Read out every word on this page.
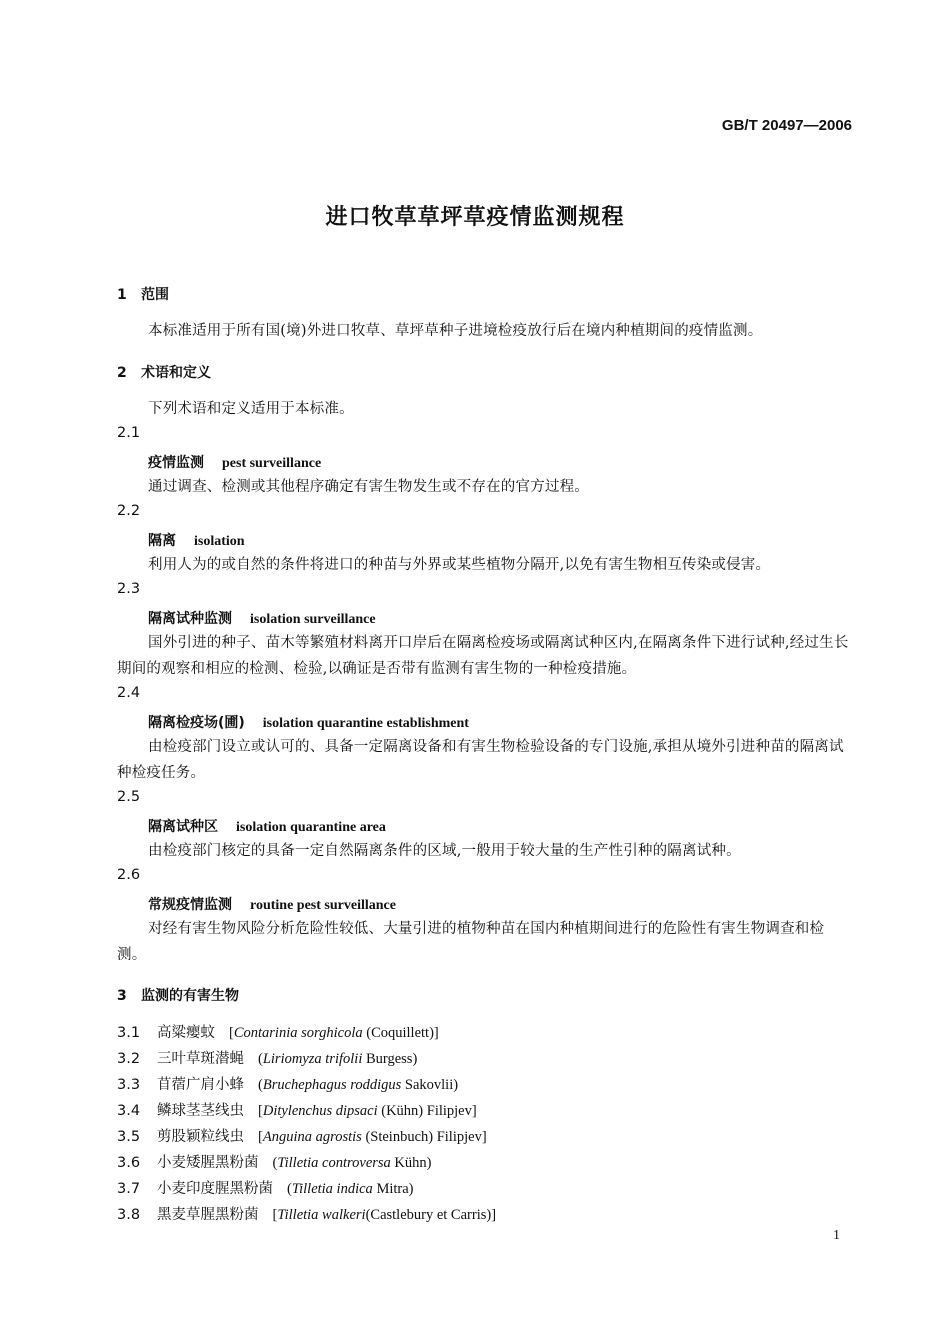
GB/T 20497—2006
进口牧草草坪草疫情监测规程
1 范围
本标准适用于所有国(境)外进口牧草、草坪草种子进境检疫放行后在境内种植期间的疫情监测。
2 术语和定义
下列术语和定义适用于本标准。
2.1
疫情监测 pest surveillance
通过调查、检测或其他程序确定有害生物发生或不存在的官方过程。
2.2
隔离 isolation
利用人为的或自然的条件将进口的种苗与外界或某些植物分隔开,以免有害生物相互传染或侵害。
2.3
隔离试种监测 isolation surveillance
国外引进的种子、苗木等繁殖材料离开口岸后在隔离检疫场或隔离试种区内,在隔离条件下进行试种,经过生长期间的观察和相应的检测、检验,以确证是否带有监测有害生物的一种检疫措施。
2.4
隔离检疫场(圃) isolation quarantine establishment
由检疫部门设立或认可的、具备一定隔离设备和有害生物检验设备的专门设施,承担从境外引进种苗的隔离试种检疫任务。
2.5
隔离试种区 isolation quarantine area
由检疫部门核定的具备一定自然隔离条件的区域,一般用于较大量的生产性引种的隔离试种。
2.6
常规疫情监测 routine pest surveillance
对经有害生物风险分析危险性较低、大量引进的植物种苗在国内种植期间进行的危险性有害生物调查和检测。
3 监测的有害生物
3.1 高粱瘿蚊 [Contarinia sorghicola (Coquillett)]
3.2 三叶草斑潜蝇 (Liriomyza trifolii Burgess)
3.3 苜蓿广肩小蜂 (Bruchephagus roddigus Sakovlii)
3.4 鳞球茎茎线虫 [Ditylenchus dipsaci (Kühn) Filipjev]
3.5 剪股颖粒线虫 [Anguina agrostis (Steinbuch) Filipjev]
3.6 小麦矮腥黑粉菌 (Tilletia controversa Kühn)
3.7 小麦印度腥黑粉菌 (Tilletia indica Mitra)
3.8 黑麦草腥黑粉菌 [Tilletia walkeri(Castlebury et Carris)]
1
